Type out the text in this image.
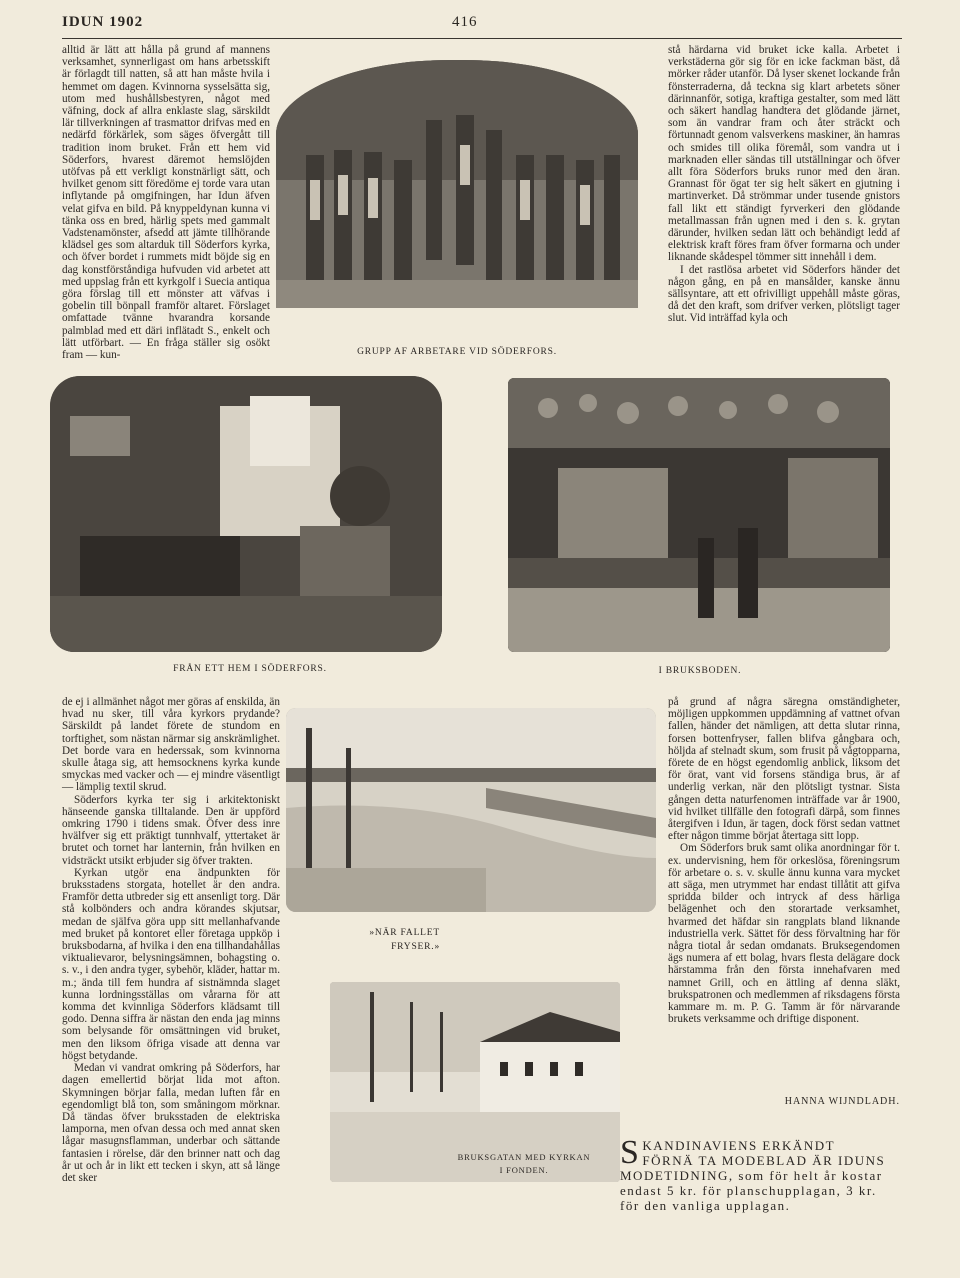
IDUN 1902	416

alltid är lätt att hålla på grund af mannens verksamhet, synnerligast om hans arbetsskift är förlagdt till natten, så att han måste hvila i hemmet om dagen. Kvinnorna sysselsätta sig, utom med hushållsbestyren, något med väfning, dock af allra enklaste slag, särskildt lär tillverkningen af trasmattor drifvas med en nedärfd förkärlek, som säges öfvergått till tradition inom bruket. Från ett hem vid Söderfors, hvarest däremot hemslöjden utöfvas på ett verkligt konstnärligt sätt, och hvilket genom sitt föredöme ej torde vara utan inflytande på omgifningen, har Idun äfven velat gifva en bild. På knyppeldynan kunna vi tänka oss en bred, härlig spets med gammalt Vadstenamönster, afsedd att jämte tillhörande klädsel ges som altarduk till Söderfors kyrka, och öfver bordet i rummets midt böjde sig en dag konstförståndiga hufvuden vid arbetet att med uppslag från ett kyrkgolf i Suecia antiqua göra förslag till ett mönster att väfvas i gobelin till bönpall framför altaret. Förslaget omfattade tvänne hvarandra korsande palmblad med ett däri inflätadt S., enkelt och lätt utförbart. — En fråga ställer sig osökt fram — kun-	GRUPP AF ARBETARE VID SÖDERFORS.

stå härdarna vid bruket icke kalla. Arbetet i verkstäderna gör sig för en icke fackman bäst, då mörker råder utanför. Då lyser skenet lockande från fönsterraderna, då teckna sig klart arbetets söner därinnanför, sotiga, kraftiga gestalter, som med lätt och säkert handlag handtera det glödande järnet, som än vandrar fram och åter sträckt och förtunnadt genom valsverkens maskiner, än hamras och smides till olika föremål, som vandra ut i marknaden eller sändas till utställningar och öfver allt föra Söderfors bruks runor med den äran. Grannast för ögat ter sig helt säkert en gjutning i martinverket. Då strömmar under tusende gnistors fall likt ett ständigt fyrverkeri den glödande metallmassan från ugnen med i den s. k. grytan därunder, hvilken sedan lätt och behändigt ledd af elektrisk kraft föres fram öfver formarna och under liknande skådespel tömmer sitt innehåll i dem.

I det rastlösa arbetet vid Söderfors händer det någon gång, en på en mansålder, kanske ännu sällsyntare, att ett ofrivilligt uppehåll måste göras, då det den kraft, som drifver verken, plötsligt tager slut. Vid inträffad kyla och

FRÅN ETT HEM I SÖDERFORS.	I BRUKSBODEN.

de ej i allmänhet något mer göras af enskilda, än hvad nu sker, till våra kyrkors prydande? Särskildt på landet förete de stundom en torftighet, som nästan närmar sig anskrämlighet. Det borde vara en hederssak, som kvinnorna skulle åtaga sig, att hemsocknens kyrka kunde smyckas med vacker och — ej mindre väsentligt — lämplig textil skrud.

Söderfors kyrka ter sig i arkitektoniskt hänseende ganska tilltalande. Den är uppförd omkring 1790 i tidens smak. Öfver dess inre hvälfver sig ett präktigt tunnhvalf, yttertaket är brutet och tornet har lanternin, från hvilken en vidsträckt utsikt erbjuder sig öfver trakten.

Kyrkan utgör ena ändpunkten för bruksstadens storgata, hotellet är den andra. Framför detta utbreder sig ett ansenligt torg. Där stå kolbönders och andra körandes skjutsar, medan de själfva göra upp sitt mellanhafvande med bruket på kontoret eller företaga uppköp i bruksbodarna, af hvilka i den ena tillhandahållas viktualievaror, belysningsämnen, bohagsting o. s. v., i den andra tyger, sybehör, kläder, hattar m. m.; ända till fem hundra af sistnämnda slaget kunna lordningsställas om vårarna för att komma det kvinnliga Söderfors klädsamt till godo. Denna siffra är nästan den enda jag minns som belysande för omsättningen vid bruket, men den liksom öfriga visade att denna var högst betydande.

Medan vi vandrat omkring på Söderfors, har dagen emellertid börjat lida mot afton. Skymningen börjar falla, medan luften får en egendomligt blå ton, som småningom mörknar. Då tändas öfver bruksstaden de elektriska lamporna, men ofvan dessa och med annat sken lågar masugnsflamman, underbar och sättande fantasien i rörelse, där den brinner natt och dag år ut och år in likt ett tecken i skyn, att så länge det sker

»NÄR FALLET
FRYSER.»

på grund af några säregna omständigheter, möjligen uppkommen uppdämning af vattnet ofvan fallen, händer det nämligen, att detta slutar rinna, forsen bottenfryser, fallen blifva gångbara och, höljda af stelnadt skum, som frusit på vågtopparna, förete de en högst egendomlig anblick, liksom det för örat, vant vid forsens ständiga brus, är af underlig verkan, när den plötsligt tystnar. Sista gången detta naturfenomen inträffade var år 1900, vid hvilket tillfälle den fotografi därpå, som finnes återgifven i Idun, är tagen, dock först sedan vattnet efter någon timme börjat återtaga sitt lopp.

Om Söderfors bruk samt olika anordningar för t. ex. undervisning, hem för orkeslösa, föreningsrum för arbetare o. s. v. skulle ännu kunna vara mycket att säga, men utrymmet har endast tillåtit att gifva spridda bilder och intryck af dess härliga belägenhet och den storartade verksamhet, hvarmed det häfdar sin rangplats bland liknande industriella verk. Sättet för dess förvaltning har för några tiotal år sedan omdanats. Bruksegendomen ägs numera af ett bolag, hvars flesta delägare dock härstamma från den första innehafvaren med namnet Grill, och en ättling af denna släkt, brukspatronen och medlemmen af riksdagens första kammare m. m. P. G. Tamm är för närvarande brukets verksamme och driftige disponent.

BRUKSGATAN MED KYRKAN
I FONDEN.
HANNA WIJNDLADH.
S KANDINAVIENS ERKÄNDT FÖRNÄ TA MODEBLAD ÄR IDUNS MODETIDNING, som för helt år kostar endast 5 kr. för planschupplagan, 3 kr. för den vanliga upplagan.
